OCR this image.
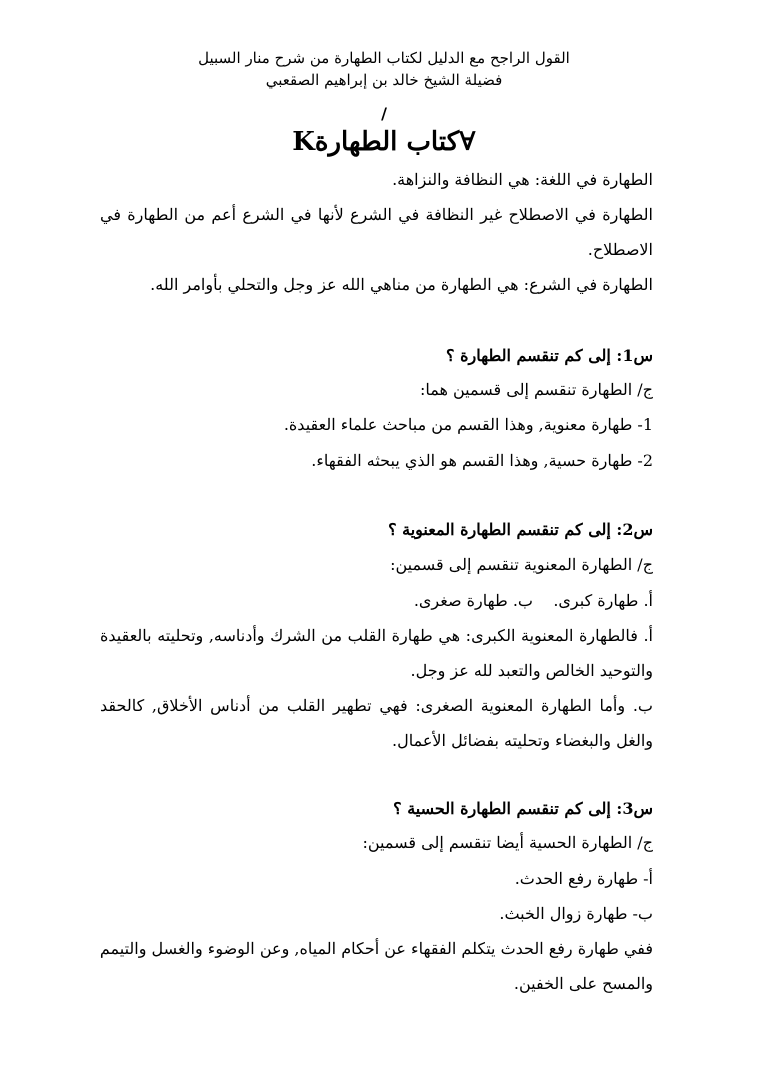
القول الراجح مع الدليل لكتاب الطهارة من شرح منار السبيل
فضيلة الشيخ خالد بن إبراهيم الصقعبي
/
∀كتاب الطهارةK
الطهارة في اللغة: هي النظافة والنزاهة.
الطهارة في الاصطلاح غير النظافة في الشرع لأنها في الشرع أعم من الطهارة في
الاصطلاح.
الطهارة في الشرع: هي الطهارة من مناهي الله عز وجل والتحلي بأوامر الله.
س1: إلى كم تنقسم الطهارة ؟
ج/ الطهارة تنقسم إلى قسمين هما:
1- طهارة معنوية, وهذا القسم من مباحث علماء العقيدة.
2- طهارة حسية, وهذا القسم هو الذي يبحثه الفقهاء.
س2: إلى كم تنقسم الطهارة المعنوية ؟
ج/ الطهارة المعنوية تنقسم إلى قسمين:
أ. طهارة كبرى.    ب. طهارة صغرى.
أ. فالطهارة المعنوية الكبرى: هي طهارة القلب من الشرك وأدناسه, وتحليته بالعقيدة
والتوحيد الخالص والتعبد لله عز وجل.
ب. وأما الطهارة المعنوية الصغرى: فهي تطهير القلب من أدناس الأخلاق, كالحقد
والغل والبغضاء وتحليته بفضائل الأعمال.
س3: إلى كم تنقسم الطهارة الحسية ؟
ج/ الطهارة الحسية أيضا تنقسم إلى قسمين:
أ- طهارة رفع الحدث.
ب- طهارة زوال الخبث.
ففي طهارة رفع الحدث يتكلم الفقهاء عن أحكام المياه, وعن الوضوء والغسل والتيمم
والمسح على الخفين.
